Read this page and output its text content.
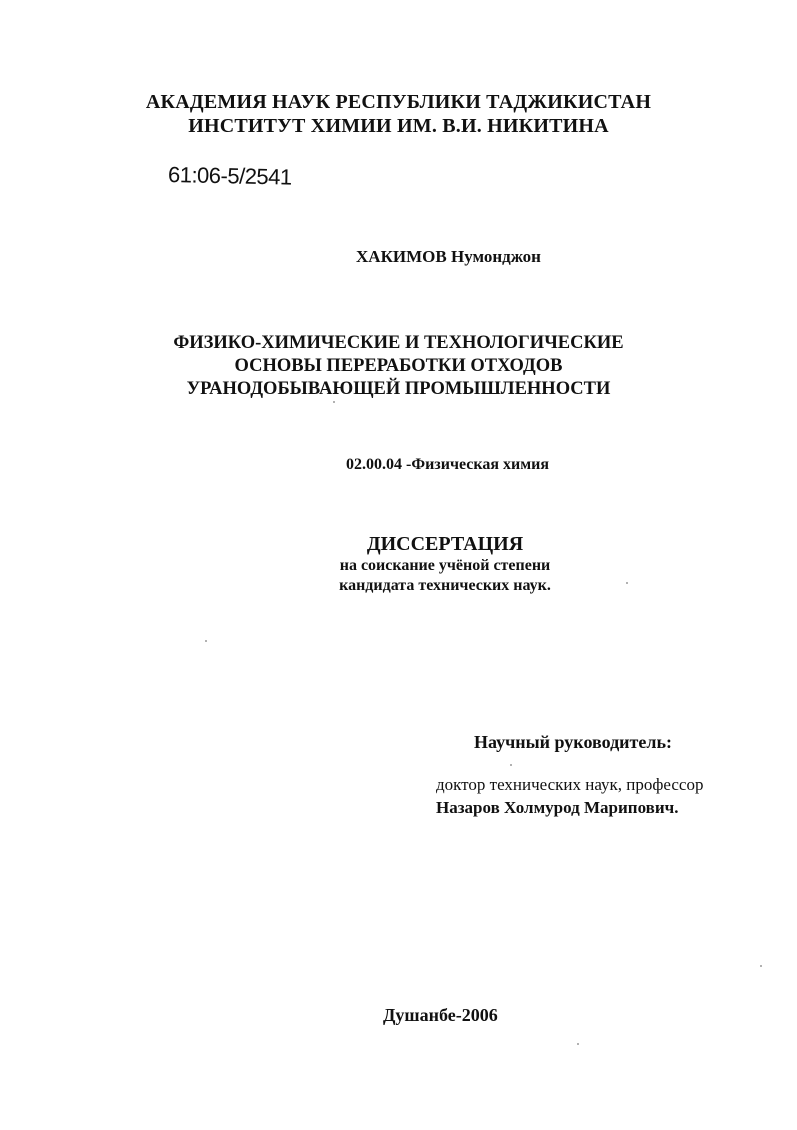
АКАДЕМИЯ НАУК РЕСПУБЛИКИ ТАДЖИКИСТАН
ИНСТИТУТ ХИМИИ ИМ. В.И. НИКИТИНА
61:06-5/2541
ХАКИМОВ Нумонджон
ФИЗИКО-ХИМИЧЕСКИЕ И ТЕХНОЛОГИЧЕСКИЕ
ОСНОВЫ ПЕРЕРАБОТКИ ОТХОДОВ
УРАНОДОБЫВАЮЩЕЙ ПРОМЫШЛЕННОСТИ
02.00.04 -Физическая химия
ДИССЕРТАЦИЯ
на соискание учёной степени
кандидата технических наук.
Научный руководитель:
доктор технических наук, профессор
Назаров Холмурод Марипович.
Душанбе-2006
